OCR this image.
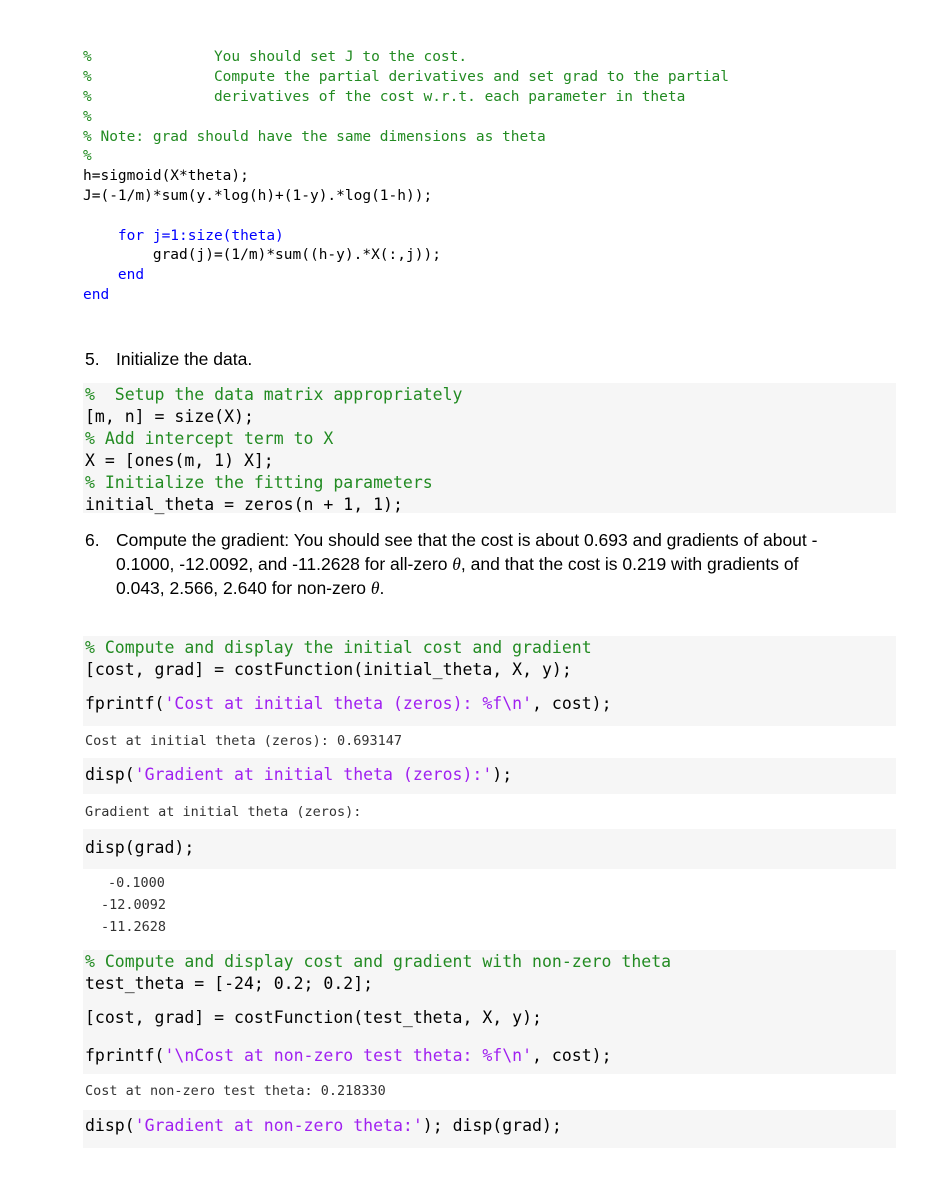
%              You should set J to the cost.
%              Compute the partial derivatives and set grad to the partial
%              derivatives of the cost w.r.t. each parameter in theta
%
% Note: grad should have the same dimensions as theta
%
h=sigmoid(X*theta);
J=(-1/m)*sum(y.*log(h)+(1-y).*log(1-h));
for j=1:size(theta)
grad(j)=(1/m)*sum((h-y).*X(:,j));
end
end
5. Initialize the data.
%  Setup the data matrix appropriately
[m, n] = size(X);
% Add intercept term to X
X = [ones(m, 1) X];
% Initialize the fitting parameters
initial_theta = zeros(n + 1, 1);
6. Compute the gradient: You should see that the cost is about 0.693 and gradients of about -
0.1000, -12.0092, and -11.2628 for all-zero θ, and that the cost is 0.219 with gradients of
0.043, 2.566, 2.640 for non-zero θ.
% Compute and display the initial cost and gradient
[cost, grad] = costFunction(initial_theta, X, y);
fprintf('Cost at initial theta (zeros): %f\n', cost);
Cost at initial theta (zeros): 0.693147
disp('Gradient at initial theta (zeros):');
Gradient at initial theta (zeros):
disp(grad);
-0.1000
-12.0092
-11.2628
% Compute and display cost and gradient with non-zero theta
test_theta = [-24; 0.2; 0.2];
[cost, grad] = costFunction(test_theta, X, y);
fprintf('\nCost at non-zero test theta: %f\n', cost);
Cost at non-zero test theta: 0.218330
disp('Gradient at non-zero theta:'); disp(grad);
